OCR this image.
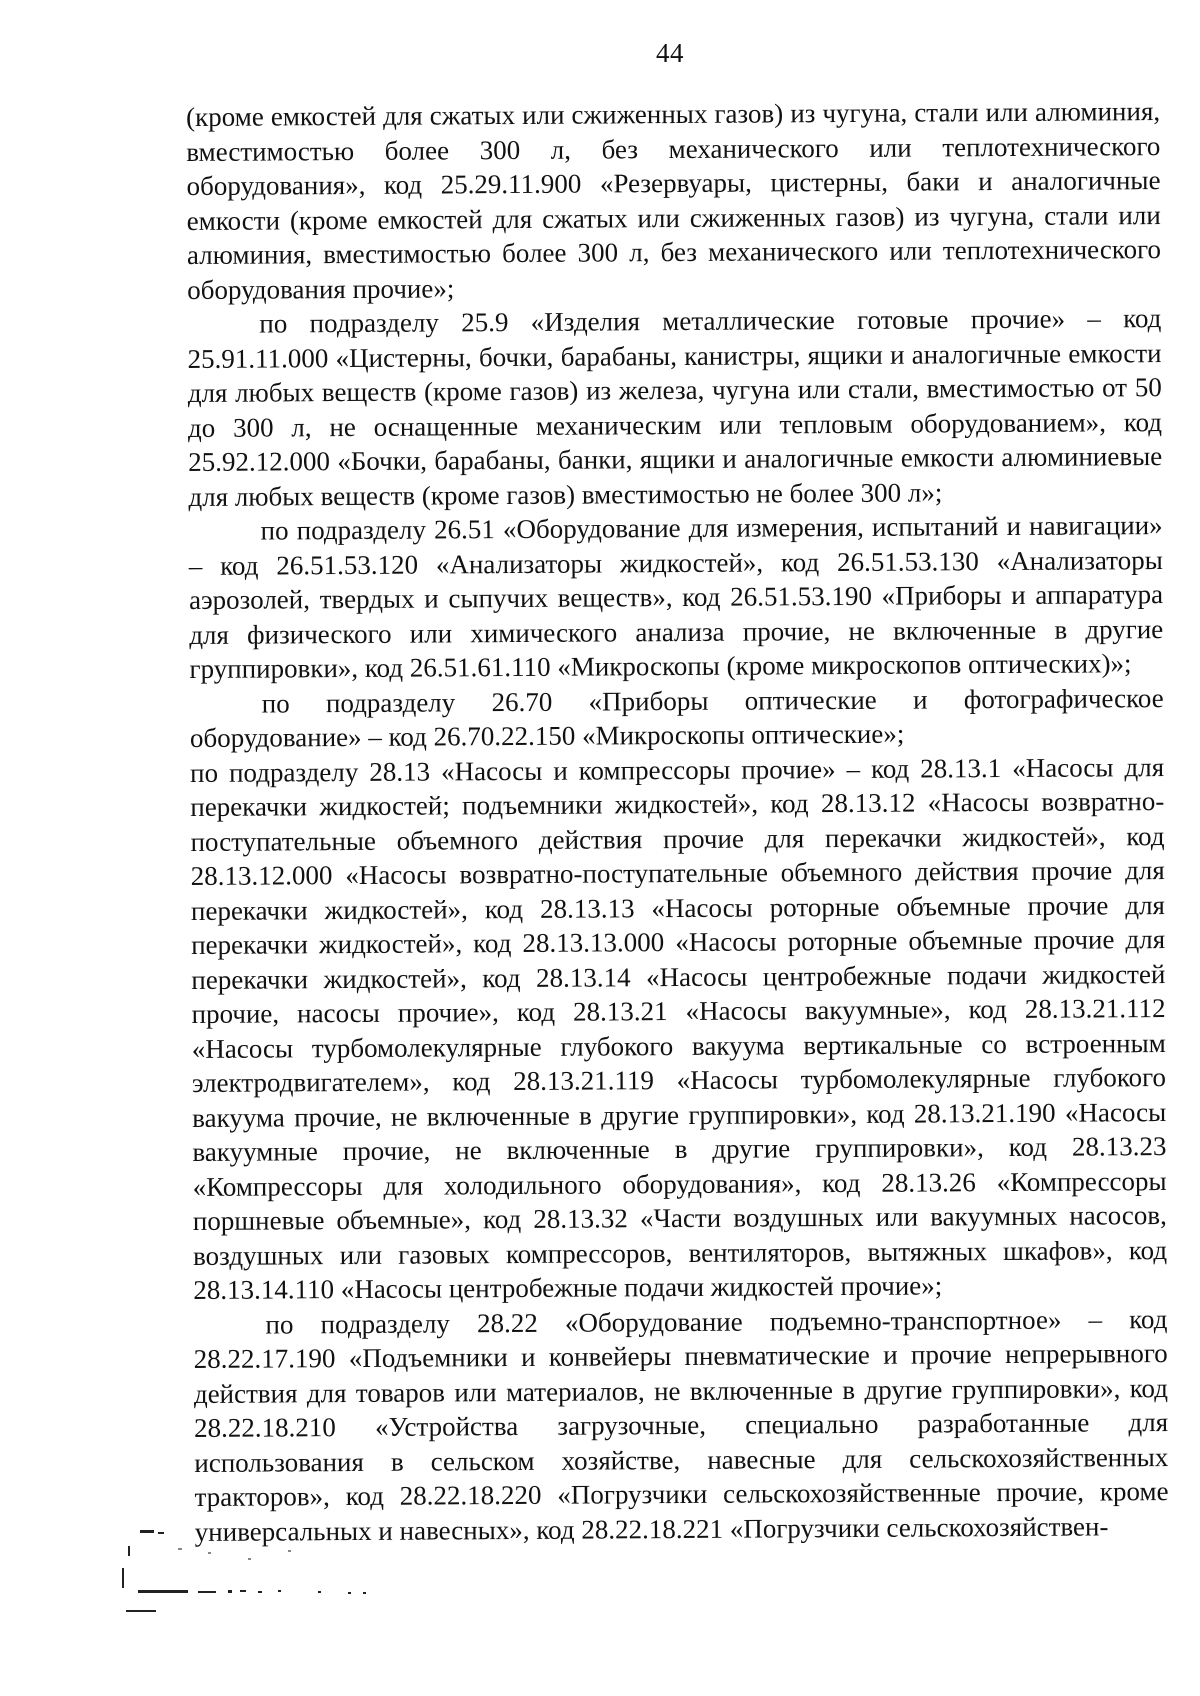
44

(кроме емкостей для сжатых или сжиженных газов) из чугуна, стали или алюминия, вместимостью более 300 л, без механического или теплотехнического оборудования», код 25.29.11.900 «Резервуары, цистерны, баки и аналогичные емкости (кроме емкостей для сжатых или сжиженных газов) из чугуна, стали или алюминия, вместимостью более 300 л, без механического или теплотехнического оборудования прочие»;

по подразделу 25.9 «Изделия металлические готовые прочие» – код 25.91.11.000 «Цистерны, бочки, барабаны, канистры, ящики и аналогичные емкости для любых веществ (кроме газов) из железа, чугуна или стали, вместимостью от 50 до 300 л, не оснащенные механическим или тепловым оборудованием», код 25.92.12.000 «Бочки, барабаны, банки, ящики и аналогичные емкости алюминиевые для любых веществ (кроме газов) вместимостью не более 300 л»;

по подразделу 26.51 «Оборудование для измерения, испытаний и навигации» – код 26.51.53.120 «Анализаторы жидкостей», код 26.51.53.130 «Анализаторы аэрозолей, твердых и сыпучих веществ», код 26.51.53.190 «Приборы и аппаратура для физического или химического анализа прочие, не включенные в другие группировки», код 26.51.61.110 «Микроскопы (кроме микроскопов оптических)»;

по подразделу 26.70 «Приборы оптические и фотографическое оборудование» – код 26.70.22.150 «Микроскопы оптические»;

по подразделу 28.13 «Насосы и компрессоры прочие» – код 28.13.1 «Насосы для перекачки жидкостей; подъемники жидкостей», код 28.13.12 «Насосы возвратно-поступательные объемного действия прочие для перекачки жидкостей», код 28.13.12.000 «Насосы возвратно-поступательные объемного действия прочие для перекачки жидкостей», код 28.13.13 «Насосы роторные объемные прочие для перекачки жидкостей», код 28.13.13.000 «Насосы роторные объемные прочие для перекачки жидкостей», код 28.13.14 «Насосы центробежные подачи жидкостей прочие, насосы прочие», код 28.13.21 «Насосы вакуумные», код 28.13.21.112 «Насосы турбомолекулярные глубокого вакуума вертикальные со встроенным электродвигателем», код 28.13.21.119 «Насосы турбомолекулярные глубокого вакуума прочие, не включенные в другие группировки», код 28.13.21.190 «Насосы вакуумные прочие, не включенные в другие группировки», код 28.13.23 «Компрессоры для холодильного оборудования», код 28.13.26 «Компрессоры поршневые объемные», код 28.13.32 «Части воздушных или вакуумных насосов, воздушных или газовых компрессоров, вентиляторов, вытяжных шкафов», код 28.13.14.110 «Насосы центробежные подачи жидкостей прочие»;

по подразделу 28.22 «Оборудование подъемно-транспортное» – код 28.22.17.190 «Подъемники и конвейеры пневматические и прочие непрерывного действия для товаров или материалов, не включенные в другие группировки», код 28.22.18.210 «Устройства загрузочные, специально разработанные для использования в сельском хозяйстве, навесные для сельскохозяйственных тракторов», код 28.22.18.220 «Погрузчики сельскохозяйственные прочие, кроме универсальных и навесных», код 28.22.18.221 «Погрузчики сельскохозяйствен-
